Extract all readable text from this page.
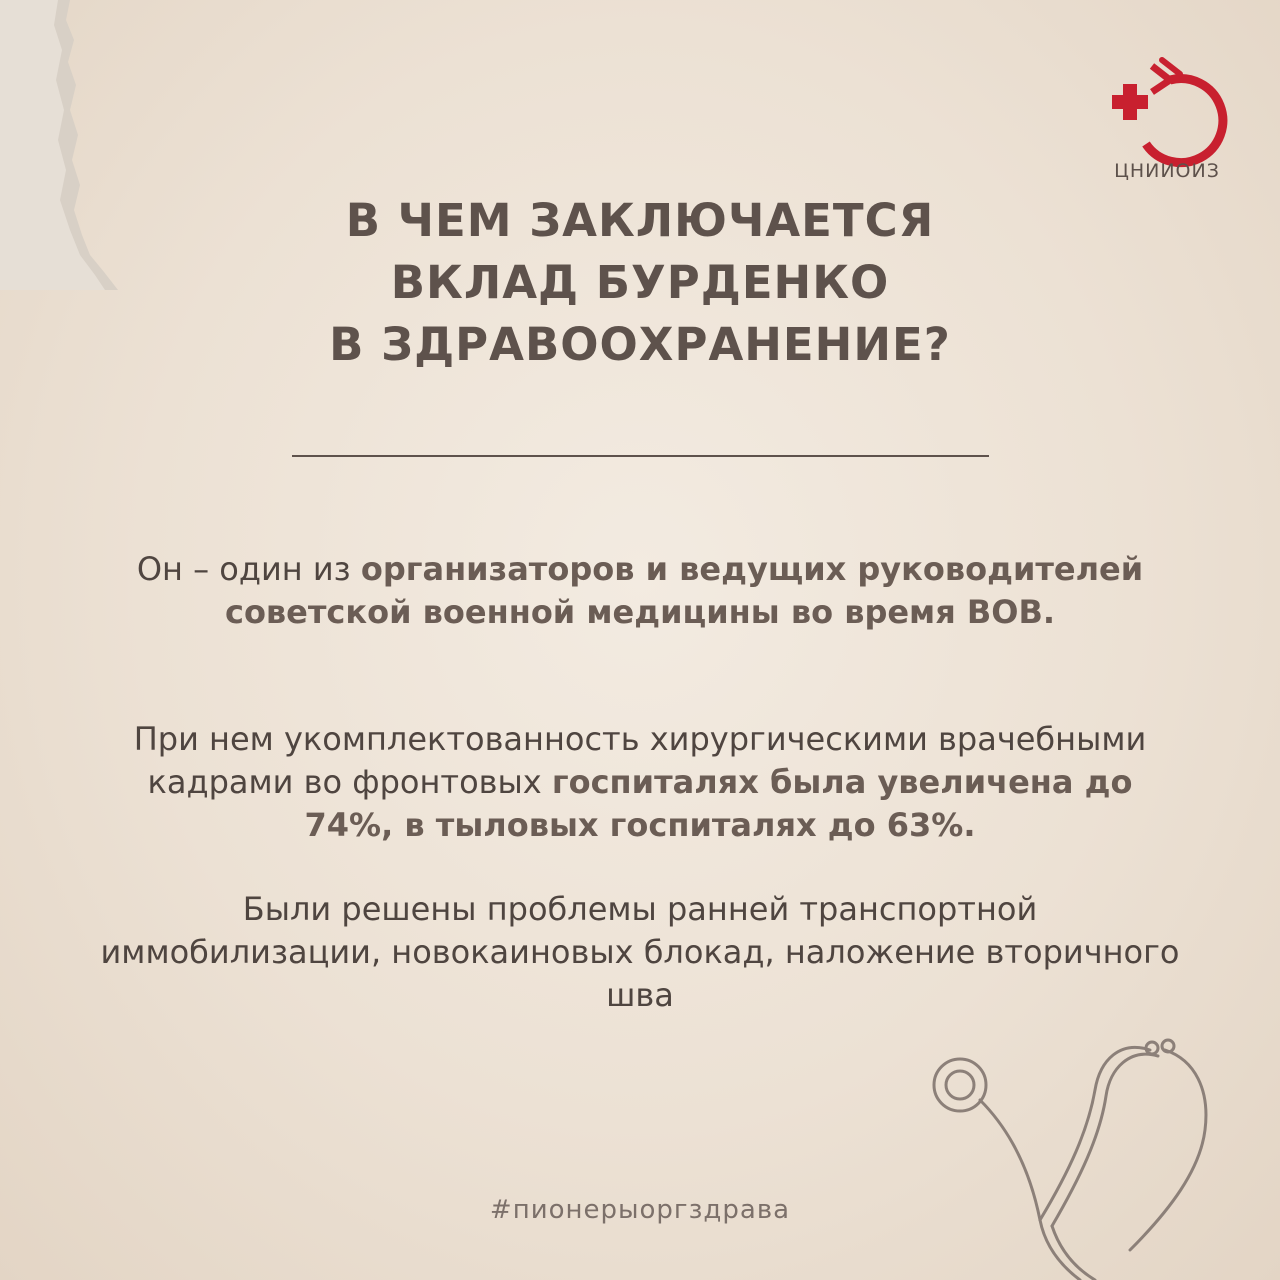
ЦНИИОИЗ
В ЧЕМ ЗАКЛЮЧАЕТСЯ
ВКЛАД БУРДЕНКО
В ЗДРАВООХРАНЕНИЕ?
Он – один из организаторов и ведущих руководителей советской военной медицины во время ВОВ.
При нем укомплектованность хирургическими врачебными кадрами во фронтовых госпиталях была увеличена до 74%, в тыловых госпиталях до 63%.
Были решены проблемы ранней транспортной иммобилизации, новокаиновых блокад, наложение вторичного шва
#пионерыоргздрава
